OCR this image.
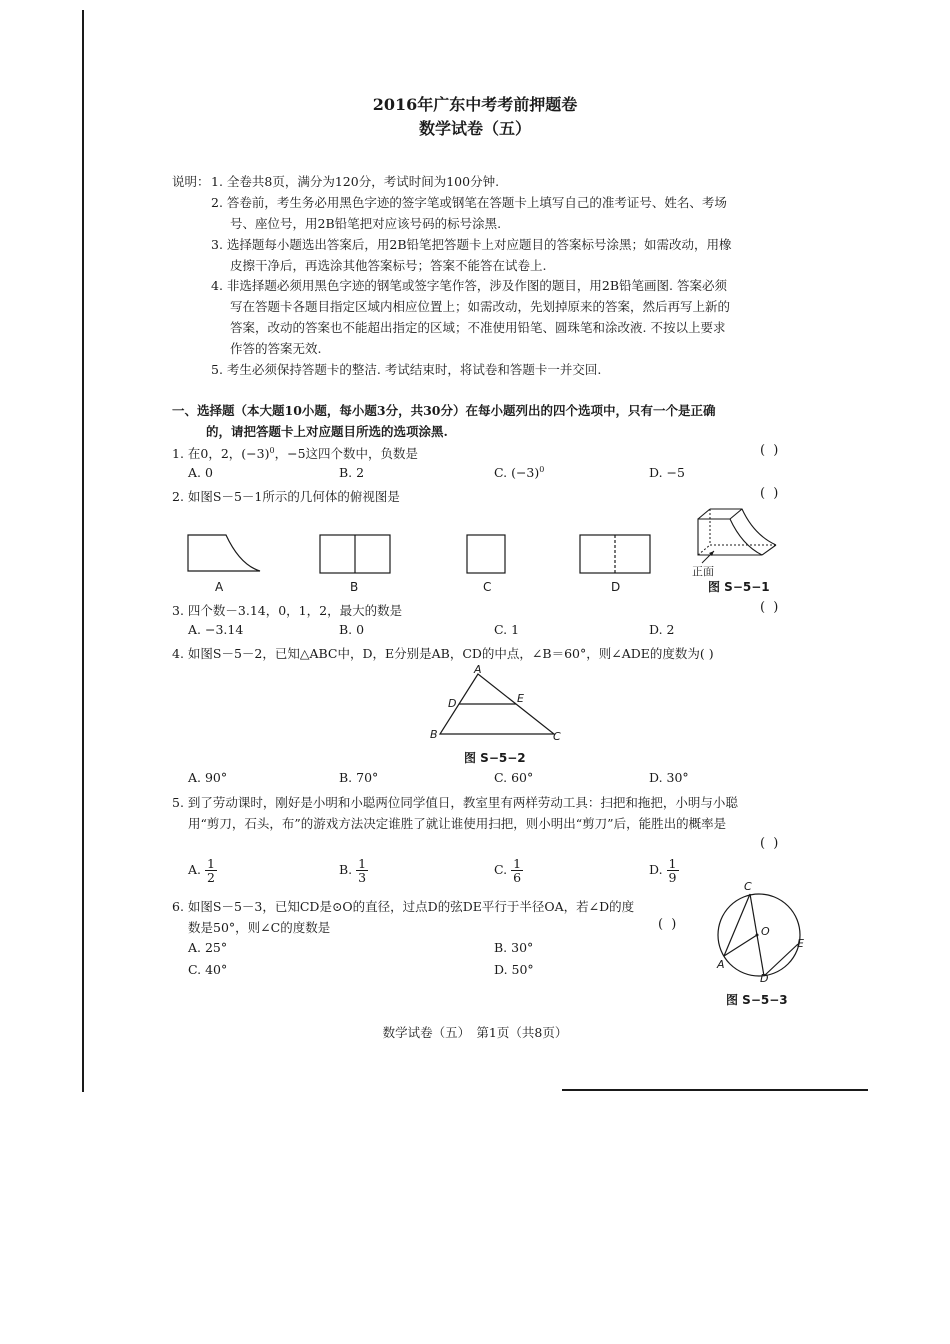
2016年广东中考考前押题卷
数学试卷（五）
说明： 1. 全卷共8页，满分为120分，考试时间为100分钟.
2. 答卷前，考生务必用黑色字迹的签字笔或钢笔在答题卡上填写自己的准考证号、姓名、考场
号、座位号，用2B铅笔把对应该号码的标号涂黑.
3. 选择题每小题选出答案后，用2B铅笔把答题卡上对应题目的答案标号涂黑；如需改动，用橡
皮擦干净后，再选涂其他答案标号；答案不能答在试卷上.
4. 非选择题必须用黑色字迹的钢笔或签字笔作答，涉及作图的题目，用2B铅笔画图. 答案必须
写在答题卡各题目指定区域内相应位置上；如需改动，先划掉原来的答案，然后再写上新的
答案，改动的答案也不能超出指定的区域；不准使用铅笔、圆珠笔和涂改液. 不按以上要求
作答的答案无效.
5. 考生必须保持答题卡的整洁. 考试结束时，将试卷和答题卡一并交回.
一、选择题（本大题10小题，每小题3分，共30分）在每小题列出的四个选项中，只有一个是正确
的，请把答题卡上对应题目所选的选项涂黑.
1. 在0，2，$(-3)^0$，−5这四个数中，负数是	( )
A. 0	B. 2	C. $(-3)^0$	D. −5
2. 如图S－5－1所示的几何体的俯视图是	( )
A	B	C	D
正面
图 S−5−1
3. 四个数－3.14，0，1，2，最大的数是	( )
A. −3.14	B. 0	C. 1	D. 2
4. 如图S－5－2，已知△ABC中，D，E分别是AB，CD的中点，∠B＝60°，则∠ADE的度数为( )
A
D	E
B	C
图 S−5−2
A. 90°	B. 70°	C. 60°	D. 30°
5. 到了劳动课时，刚好是小明和小聪两位同学值日，教室里有两样劳动工具：扫把和拖把，小明与小聪
用“剪刀，石头，布”的游戏方法决定谁胜了就让谁使用扫把，则小明出“剪刀”后，能胜出的概率是
( )
A. $\frac{1}{2}$	B. $\frac{1}{3}$	C. $\frac{1}{6}$	D. $\frac{1}{9}$
6. 如图S－5－3，已知CD是⊙O的直径，过点D的弦DE平行于半径OA，若∠D的度
数是50°，则∠C的度数是	( )
A. 25°	B. 30°
C. 40°	D. 50°
C
O
E
A
D
图 S−5−3
数学试卷（五）　第1页（共8页）
